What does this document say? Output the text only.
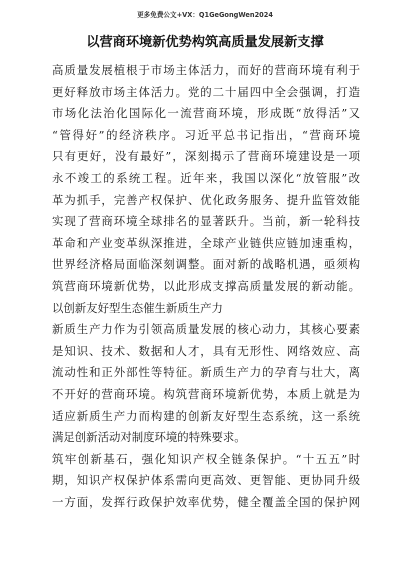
更多免费公文+VX：Q1GeGongWen2024
以营商环境新优势构筑高质量发展新支撑
高质量发展植根于市场主体活力，而好的营商环境有利于
更好释放市场主体活力。党的二十届四中全会强调，打造
市场化法治化国际化一流营商环境，形成既“放得活”又
“管得好”的经济秩序。习近平总书记指出，“营商环境
只有更好，没有最好”，深刻揭示了营商环境建设是一项
永不竣工的系统工程。近年来，我国以深化“放管服”改
革为抓手，完善产权保护、优化政务服务、提升监管效能
实现了营商环境全球排名的显著跃升。当前，新一轮科技
革命和产业变革纵深推进，全球产业链供应链加速重构，
世界经济格局面临深刻调整。面对新的战略机遇，亟须构
筑营商环境新优势，以此形成支撑高质量发展的新动能。
以创新友好型生态催生新质生产力
新质生产力作为引领高质量发展的核心动力，其核心要素
是知识、技术、数据和人才，具有无形性、网络效应、高
流动性和正外部性等特征。新质生产力的孕育与壮大，离
不开好的营商环境。构筑营商环境新优势，本质上就是为
适应新质生产力而构建的创新友好型生态系统，这一系统
满足创新活动对制度环境的特殊要求。
筑牢创新基石，强化知识产权全链条保护。“十五五”时
期，知识产权保护体系需向更高效、更智能、更协同升级
一方面，发挥行政保护效率优势，健全覆盖全国的保护网
